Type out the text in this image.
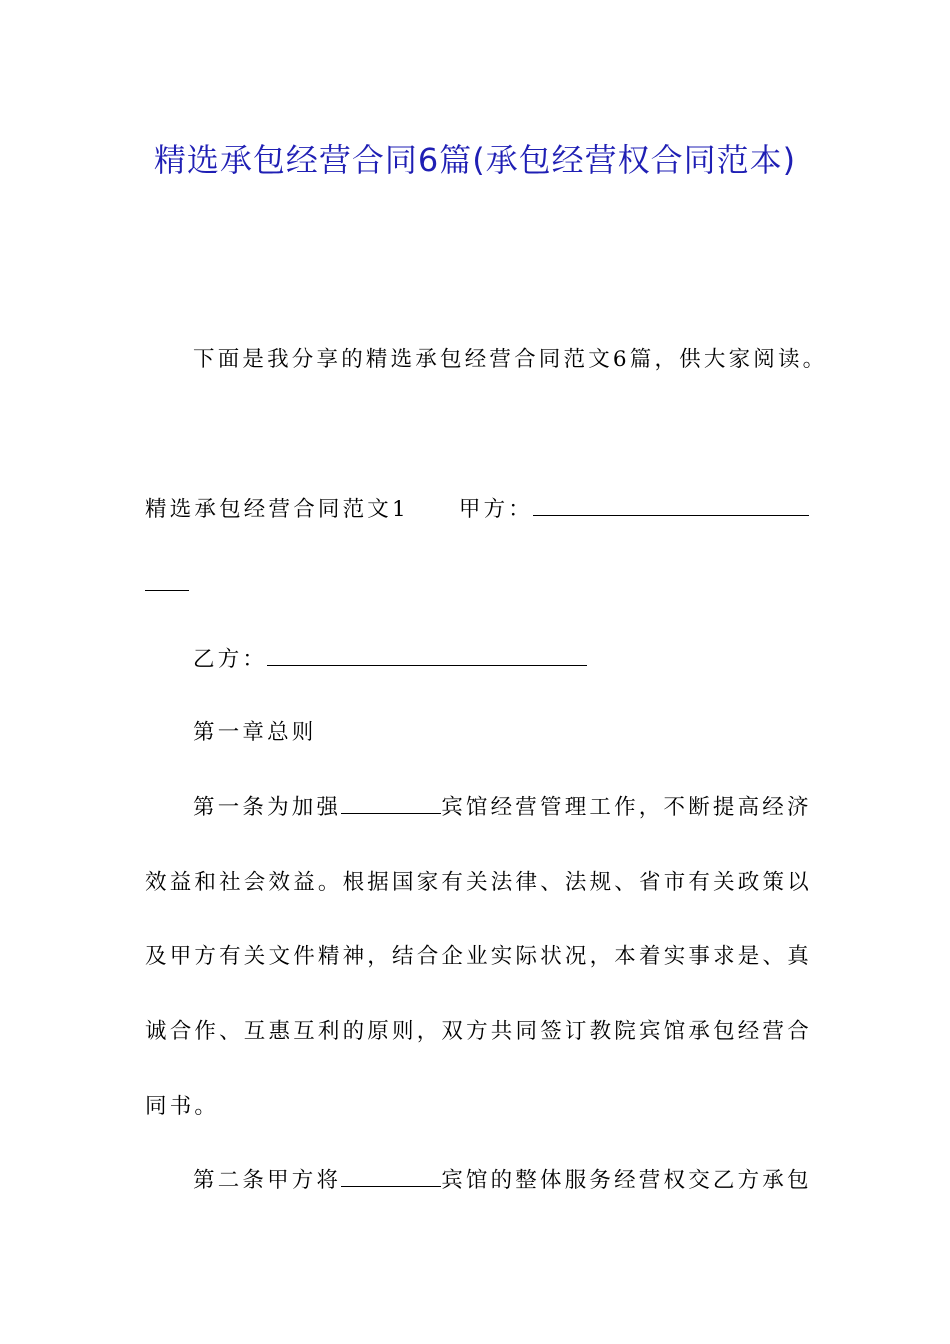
精选承包经营合同6篇(承包经营权合同范本)
下面是我分享的精选承包经营合同范文6篇，供大家阅读。
精选承包经营合同范文1 甲方：
乙方：
第一章总则
第一条为加强	宾馆经营管理工作，不断提高经济
效益和社会效益。根据国家有关法律、法规、省市有关政策以
及甲方有关文件精神，结合企业实际状况，本着实事求是、真
诚合作、互惠互利的原则，双方共同签订教院宾馆承包经营合
同书。
第二条甲方将	宾馆的整体服务经营权交乙方承包
